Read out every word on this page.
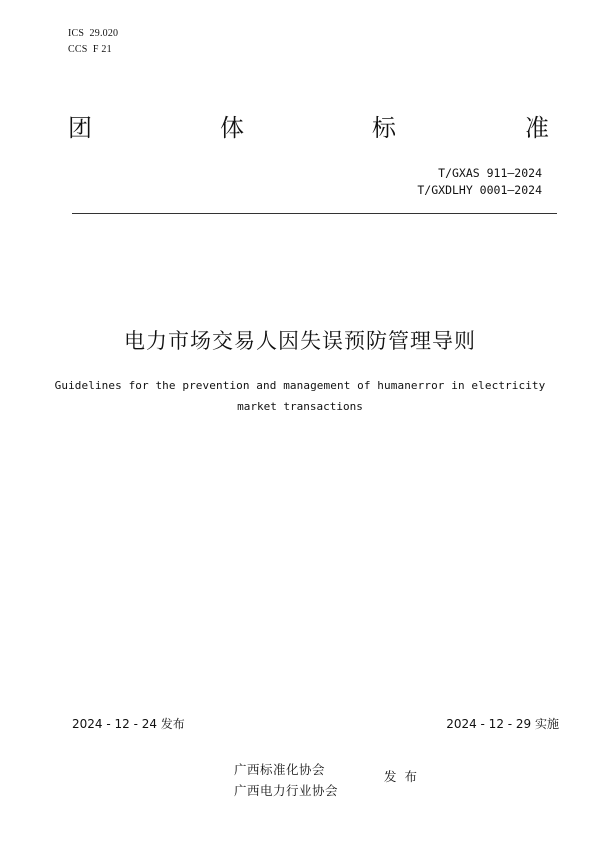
ICS  29.020
CCS  F 21
团	体	标	准
T/GXAS 911—2024
T/GXDLHY 0001—2024
电力市场交易人因失误预防管理导则
Guidelines for the prevention and management of humanerror in electricity
market transactions
2024 - 12 - 24 发布	2024 - 12 - 29 实施
广西标准化协会
广西电力行业协会
发布
